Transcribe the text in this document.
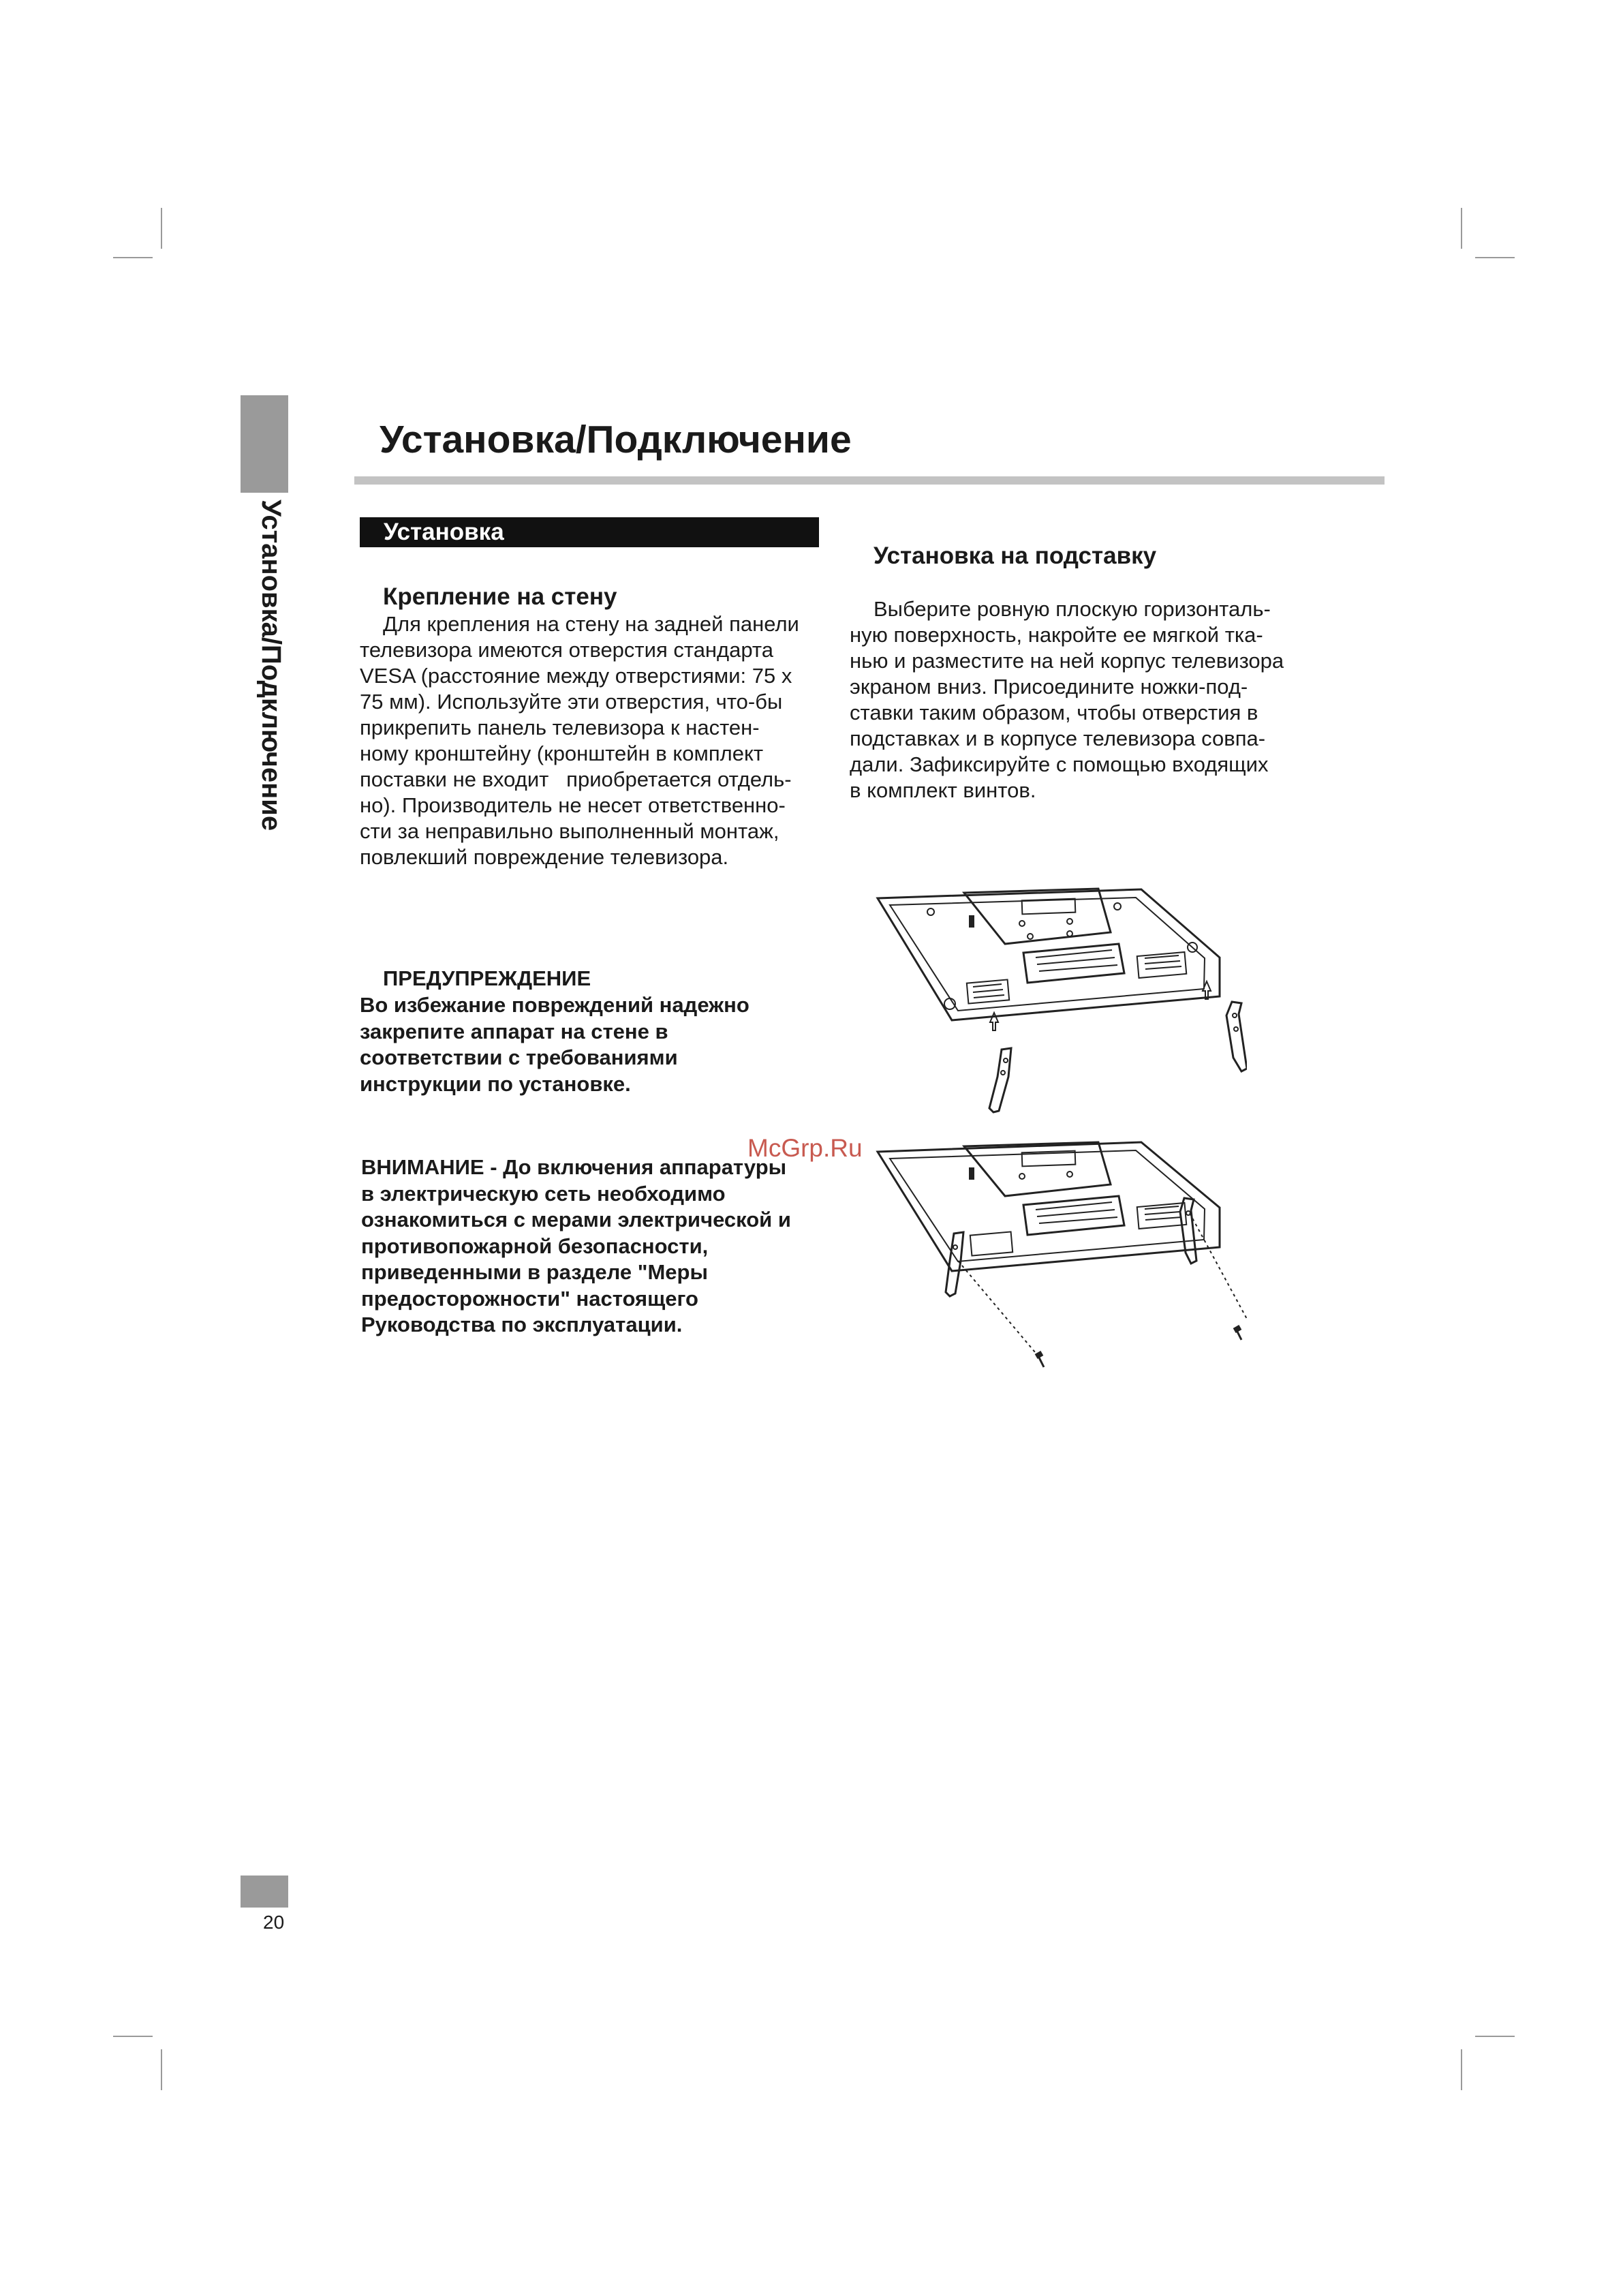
Установка/Подключение
Установка/Подключение
Установка
Крепление на стену
Для крепления на стену на задней панели
телевизора имеются отверстия стандарта
VESA (расстояние между отверстиями: 75 x
75 мм). Используйте эти отверстия, что-бы
прикрепить панель телевизора к настен-
ному кронштейну (кронштейн в комплект
поставки не входит   приобретается отдель-
но). Производитель не несет ответственно-
сти за неправильно выполненный монтаж,
повлекший повреждение телевизора.
ПРЕДУПРЕЖДЕНИЕ
Во избежание повреждений надежно
закрепите аппарат на стене в
соответствии с требованиями
инструкции по установке.
ВНИМАНИЕ - До включения аппаратуры
в электрическую сеть необходимо
ознакомиться с мерами электрической и
противопожарной безопасности,
приведенными в разделе "Меры
предосторожности" настоящего
Руководства по эксплуатации.
Установка на подставку
Выберите ровную плоскую горизонталь-
ную поверхность, накройте ее мягкой тка-
нью и разместите на ней корпус телевизора
экраном вниз. Присоедините ножки-под-
ставки таким образом, чтобы отверстия в
подставках и в корпусе телевизора совпа-
дали. Зафиксируйте с помощью входящих
в комплект винтов.
McGrp.Ru
20
